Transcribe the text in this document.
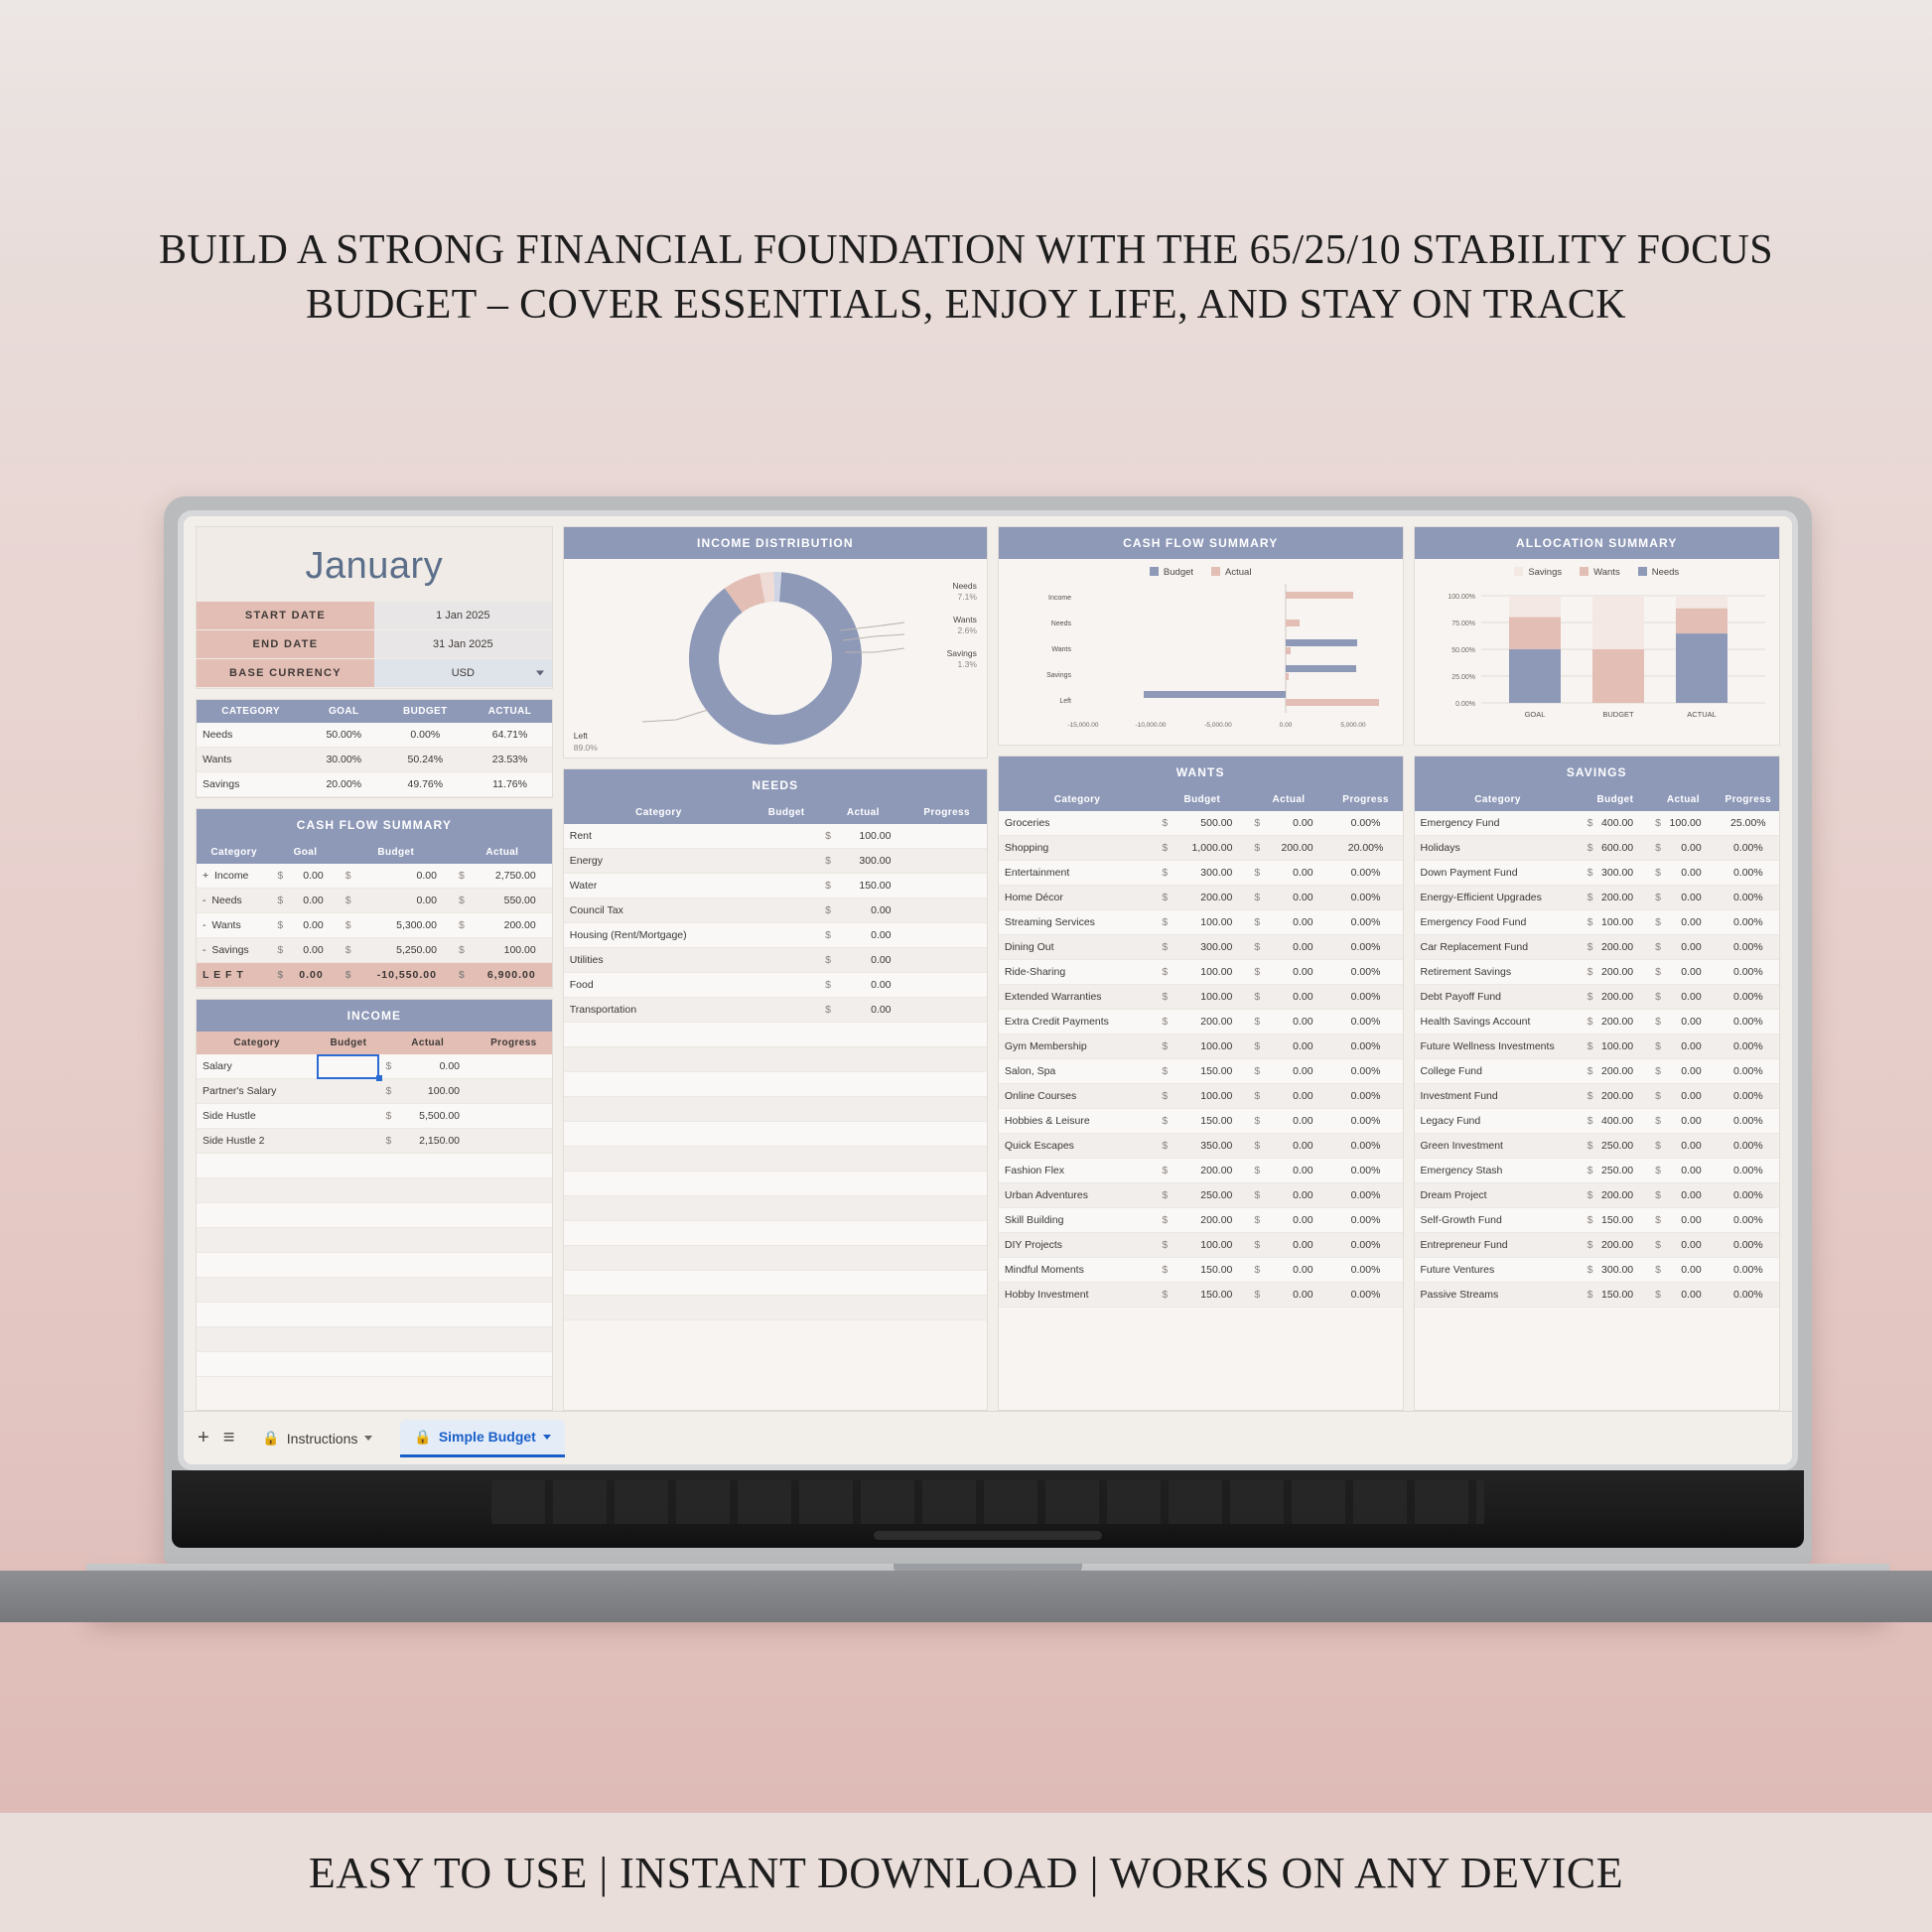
BUILD A STRONG FINANCIAL FOUNDATION WITH THE 65/25/10 STABILITY FOCUS BUDGET – COVER ESSENTIALS, ENJOY LIFE, AND STAY ON TRACK
January
START DATE	1 Jan 2025
END DATE	31 Jan 2025
BASE CURRENCY	USD
CATEGORY	GOAL	BUDGET	ACTUAL
Needs	50.00%	0.00%	64.71%
Wants	30.00%	50.24%	23.53%
Savings	20.00%	49.76%	11.76%
CASH FLOW SUMMARY
Category	Goal	Budget	Actual
+  Income	$ 0.00	$ 0.00	$ 2,750.00

-  Needs	$ 0.00	$ 0.00	$ 550.00

-  Wants	$ 0.00	$ 5,300.00	$ 200.00

-  Savings	$ 0.00	$ 5,250.00	$ 100.00

L E F T	$ 0.00	$ -10,550.00	$ 6,900.00
INCOME
Category	Budget	Actual	Progress
Salary		$ 0.00	

Partner's Salary		$ 100.00	

Side Hustle		$ 5,500.00	

Side Hustle 2		$ 2,150.00	

INCOME DISTRIBUTION
Needs
7.1%
Wants
2.6%
Savings
1.3%
Left
89.0%
NEEDS
Category	Budget	Actual	Progress
Rent		$ 100.00	

Energy		$ 300.00	

Water		$ 150.00	

Council Tax		$ 0.00	

Housing (Rent/Mortgage)		$ 0.00	

Utilities		$ 0.00	

Food		$ 0.00	

Transportation		$ 0.00	

CASH FLOW SUMMARY
Budget	Actual
Income
Needs
Wants
Savings
Left
-15,000.00	-10,000.00	-5,000.00	0.00	5,000.00
WANTS
Category	Budget	Actual	Progress
Groceries	$ 500.00	$ 0.00	0.00%
Shopping	$ 1,000.00	$ 200.00	20.00%
Entertainment	$ 300.00	$ 0.00	0.00%
Home Décor	$ 200.00	$ 0.00	0.00%
Streaming Services	$ 100.00	$ 0.00	0.00%
Dining Out	$ 300.00	$ 0.00	0.00%
Ride-Sharing	$ 100.00	$ 0.00	0.00%
Extended Warranties	$ 100.00	$ 0.00	0.00%
Extra Credit Payments	$ 200.00	$ 0.00	0.00%
Gym Membership	$ 100.00	$ 0.00	0.00%
Salon, Spa	$ 150.00	$ 0.00	0.00%
Online Courses	$ 100.00	$ 0.00	0.00%
Hobbies & Leisure	$ 150.00	$ 0.00	0.00%
Quick Escapes	$ 350.00	$ 0.00	0.00%
Fashion Flex	$ 200.00	$ 0.00	0.00%
Urban Adventures	$ 250.00	$ 0.00	0.00%
Skill Building	$ 200.00	$ 0.00	0.00%
DIY Projects	$ 100.00	$ 0.00	0.00%
Mindful Moments	$ 150.00	$ 0.00	0.00%
Hobby Investment	$ 150.00	$ 0.00	0.00%
ALLOCATION SUMMARY
Savings	Wants	Needs
100.00%
75.00%
50.00%
25.00%
0.00%
GOAL	BUDGET	ACTUAL
SAVINGS
Category	Budget	Actual	Progress
Emergency Fund	$ 400.00	$ 100.00	25.00%
Holidays	$ 600.00	$ 0.00	0.00%
Down Payment Fund	$ 300.00	$ 0.00	0.00%
Energy-Efficient Upgrades	$ 200.00	$ 0.00	0.00%
Emergency Food Fund	$ 100.00	$ 0.00	0.00%
Car Replacement Fund	$ 200.00	$ 0.00	0.00%
Retirement Savings	$ 200.00	$ 0.00	0.00%
Debt Payoff Fund	$ 200.00	$ 0.00	0.00%
Health Savings Account	$ 200.00	$ 0.00	0.00%
Future Wellness Investments	$ 100.00	$ 0.00	0.00%
College Fund	$ 200.00	$ 0.00	0.00%
Investment Fund	$ 200.00	$ 0.00	0.00%
Legacy Fund	$ 400.00	$ 0.00	0.00%
Green Investment	$ 250.00	$ 0.00	0.00%
Emergency Stash	$ 250.00	$ 0.00	0.00%
Dream Project	$ 200.00	$ 0.00	0.00%
Self-Growth Fund	$ 150.00	$ 0.00	0.00%
Entrepreneur Fund	$ 200.00	$ 0.00	0.00%
Future Ventures	$ 300.00	$ 0.00	0.00%
Passive Streams	$ 150.00	$ 0.00	0.00%
+ ≡ 🔒 Instructions	🔒 Simple Budget
EASY TO USE | INSTANT DOWNLOAD | WORKS ON ANY DEVICE
